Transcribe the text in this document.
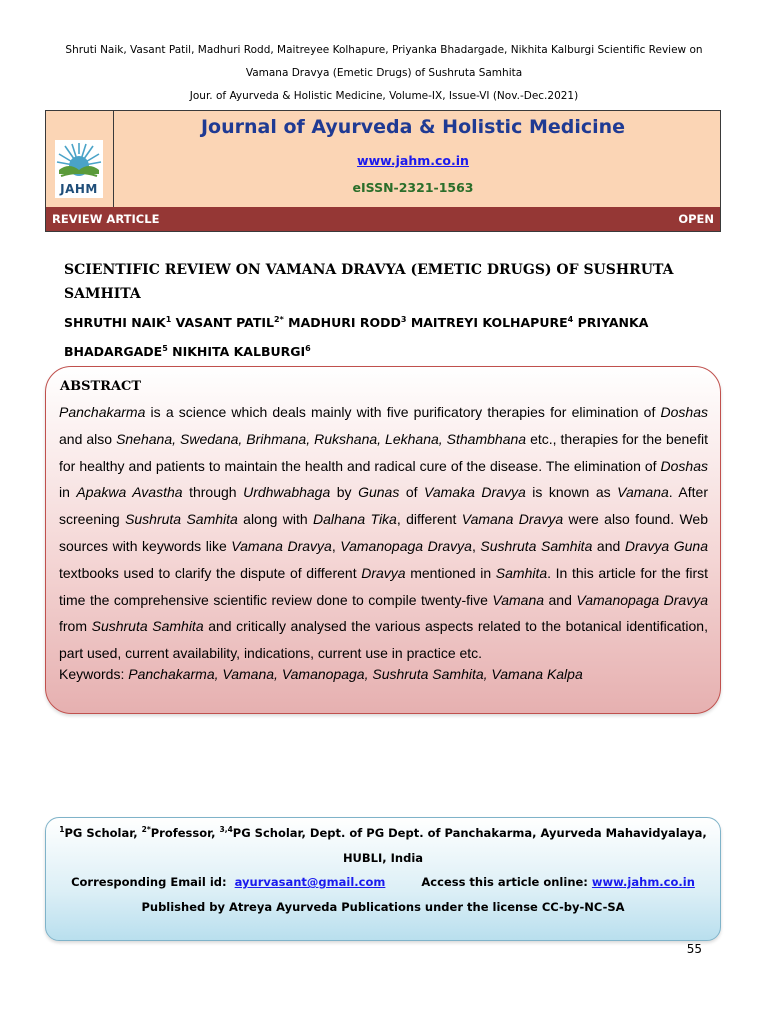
Shruti Naik, Vasant Patil, Madhuri Rodd, Maitreyee Kolhapure, Priyanka Bhadargade, Nikhita Kalburgi Scientific Review on
Vamana Dravya (Emetic Drugs) of Sushruta Samhita
Jour. of Ayurveda & Holistic Medicine, Volume-IX, Issue-VI (Nov.-Dec.2021)
JAHM
Journal of Ayurveda & Holistic Medicine
www.jahm.co.in
eISSN-2321-1563
REVIEW ARTICLE	OPEN
SCIENTIFIC REVIEW ON VAMANA DRAVYA (EMETIC DRUGS) OF SUSHRUTA SAMHITA
SHRUTHI NAIK$^1$ VASANT $PATIL^{2*}$ MADHURI RODD$^3$ MAITREYI KOLHAPURE$^4$ PRIYANKA BHADARGADE$^5$ NIKHITA KALBURGI$^6$
ABSTRACT
Panchakarma is a science which deals mainly with five purificatory therapies for elimination of Doshas and also Snehana, Swedana, Brihmana, Rukshana, Lekhana, Sthambhana etc., therapies for the benefit for healthy and patients to maintain the health and radical cure of the disease. The elimination of Doshas in Apakwa Avastha through Urdhwabhaga by Gunas of Vamaka Dravya is known as Vamana. After screening Sushruta Samhita along with Dalhana Tika, different Vamana Dravya were also found. Web sources with keywords like Vamana Dravya, Vamanopaga Dravya, Sushruta Samhita and Dravya Guna textbooks used to clarify the dispute of different Dravya mentioned in Samhita. In this article for the first time the comprehensive scientific review done to compile twenty-five Vamana and Vamanopaga Dravya from Sushruta Samhita and critically analysed the various aspects related to the botanical identification, part used, current availability, indications, current use in practice etc.
Keywords: Panchakarma, Vamana, Vamanopaga, Sushruta Samhita, Vamana Kalpa
$^1$PG Scholar, $^{2*}$Professor, $^{3,4}$PG Scholar, Dept. of PG Dept. of Panchakarma, Ayurveda Mahavidyalaya,
HUBLI, India
Corresponding Email id: ayurvasant@gmail.com	Access this article online: www.jahm.co.in
Published by Atreya Ayurveda Publications under the license CC-by-NC-SA
55
